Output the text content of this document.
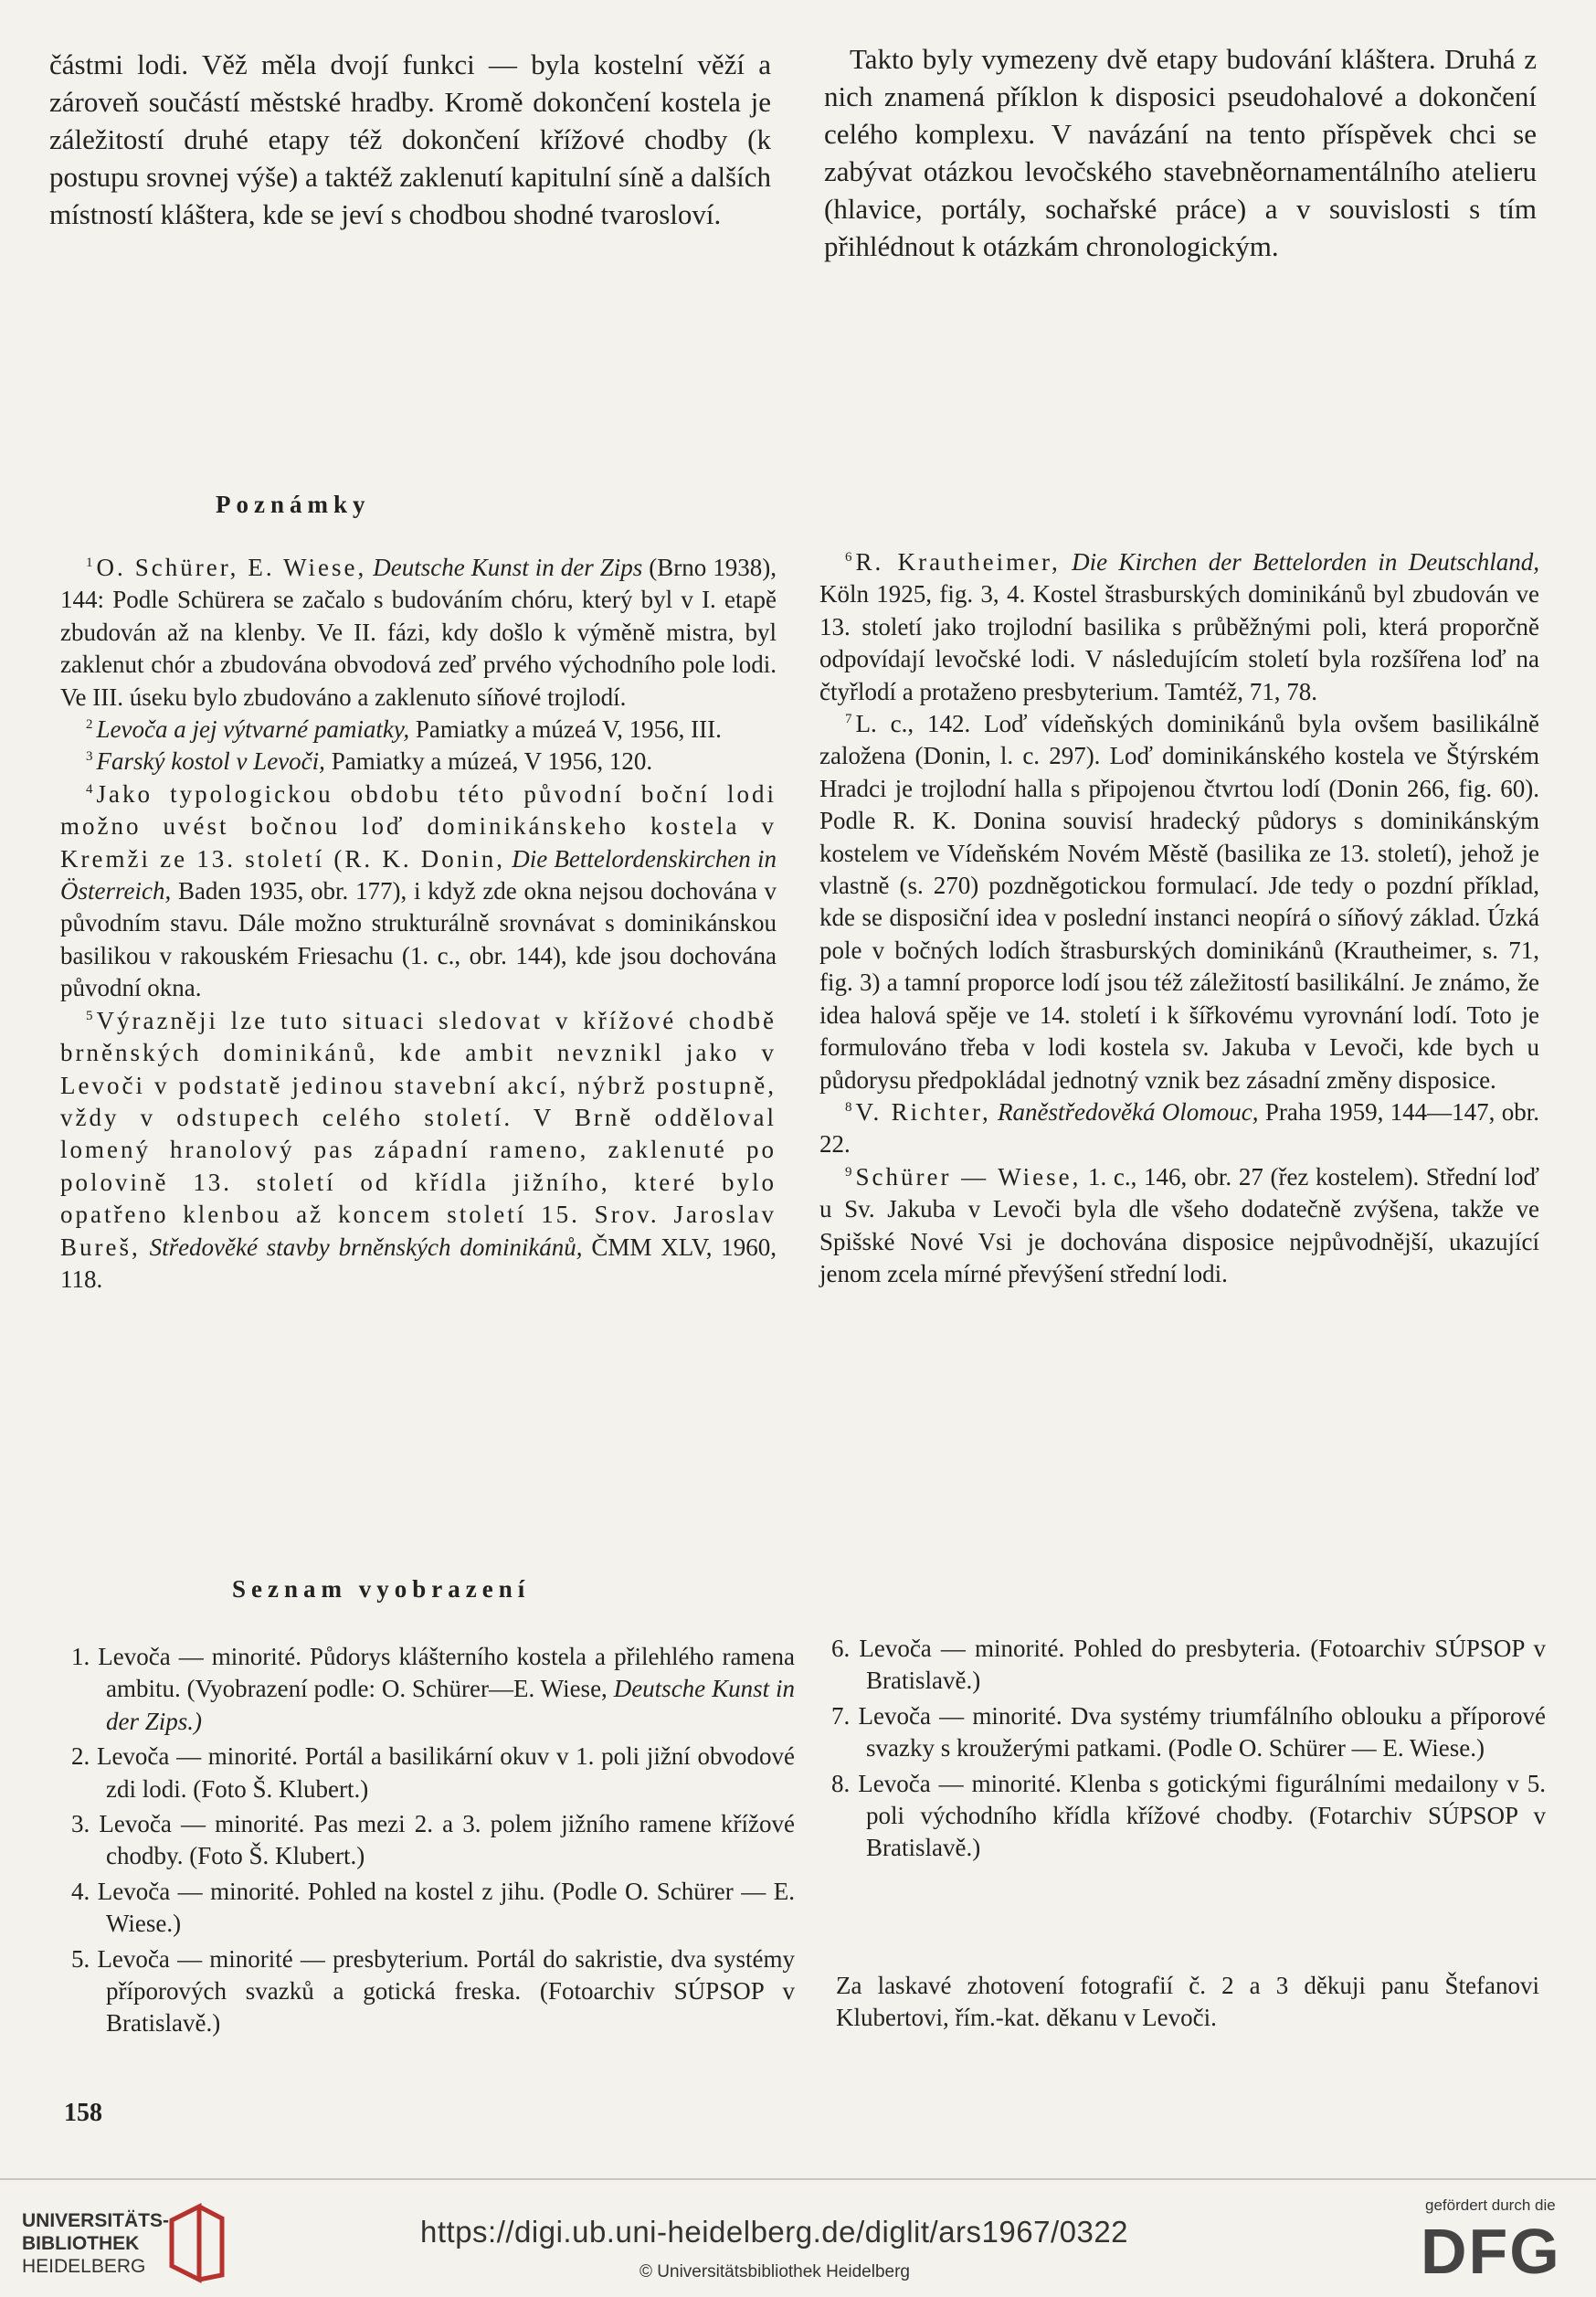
částmi lodi. Věž měla dvojí funkci — byla kostelní věží a zároveň součástí městské hradby. Kromě dokončení kostela je záležitostí druhé etapy též dokončení křížové chodby (k postupu srovnej výše) a taktéž zaklenutí kapitulní síně a dalších místností kláštera, kde se jeví s chodbou shodné tvarosloví.

Takto byly vymezeny dvě etapy budování kláštera. Druhá z nich znamená příklon k disposici pseudohalové a dokončení celého komplexu. V navázání na tento příspěvek chci se zabývat otázkou levočského stavebněornamentálního atelieru (hlavice, portály, sochařské práce) a v souvislosti s tím přihlédnout k otázkám chronologickým.

Poznámky

$^1$ O. Schürer, E. Wiese, Deutsche Kunst in der Zips (Brno 1938), 144: Podle Schürera se začalo s budováním chóru, který byl v I. etapě zbudován až na klenby. Ve II. fázi, kdy došlo k výměně mistra, byl zaklenut chór a zbudována obvodová zeď prvého východního pole lodi. Ve III. úseku bylo zbudováno a zaklenuto síňové trojlodí.

$^2$ Levoča a jej výtvarné pamiatky, Pamiatky a múzeá V, 1956, III.

$^3$ Farský kostol v Levoči, Pamiatky a múzeá, V 1956, 120.

$^4$ Jako typologickou obdobu této původní boční lodi možno uvést bočnou loď dominikánskeho kostela v Kremži ze 13. století (R. K. Donin, Die Bettelordenskirchen in Österreich, Baden 1935, obr. 177), i když zde okna nejsou dochována v původním stavu. Dále možno strukturálně srovnávat s dominikánskou basilikou v rakouském Friesachu (1. c., obr. 144), kde jsou dochována původní okna.

$^5$ Výrazněji lze tuto situaci sledovat v křížové chodbě brněnských dominikánů, kde ambit nevznikl jako v Levoči v podstatě jedinou stavební akcí, nýbrž postupně, vždy v odstupech celého století. V Brně odděloval lomený hranolový pas západní rameno, zaklenuté po polovině 13. století od křídla jižního, které bylo opatřeno klenbou až koncem století 15. Srov. Jaroslav Bureš, Středověké stavby brněnských dominikánů, ČMM XLV, 1960, 118.

$^6$ R. Krautheimer, Die Kirchen der Bettelorden in Deutschland, Köln 1925, fig. 3, 4. Kostel štrasburských dominikánů byl zbudován ve 13. století jako trojlodní basilika s průběžnými poli, která proporčně odpovídají levočské lodi. V následujícím století byla rozšířena loď na čtyřlodí a protaženo presbyterium. Tamtéž, 71, 78.

$^7$ L. c., 142. Loď vídeňských dominikánů byla ovšem basilikálně založena (Donin, l. c. 297). Loď dominikánského kostela ve Štýrském Hradci je trojlodní halla s připojenou čtvrtou lodí (Donin 266, fig. 60). Podle R. K. Donina souvisí hradecký půdorys s dominikánským kostelem ve Vídeňském Novém Městě (basilika ze 13. století), jehož je vlastně (s. 270) pozdněgotickou formulací. Jde tedy o pozdní příklad, kde se disposiční idea v poslední instanci neopírá o síňový základ. Úzká pole v bočných lodích štrasburských dominikánů (Krautheimer, s. 71, fig. 3) a tamní proporce lodí jsou též záležitostí basilikální. Je známo, že idea halová spěje ve 14. století i k šířkovému vyrovnání lodí. Toto je formulováno třeba v lodi kostela sv. Jakuba v Levoči, kde bych u půdorysu předpokládal jednotný vznik bez zásadní změny disposice.

$^8$ V. Richter, Raněstředověká Olomouc, Praha 1959, 144—147, obr. 22.

$^9$ Schürer — Wiese, 1. c., 146, obr. 27 (řez kostelem). Střední loď u Sv. Jakuba v Levoči byla dle všeho dodatečně zvýšena, takže ve Spišské Nové Vsi je dochována disposice nejpůvodnější, ukazující jenom zcela mírné převýšení střední lodi.

Seznam vyobrazení

1. Levoča — minorité. Půdorys klášterního kostela a přilehlého ramena ambitu. (Vyobrazení podle: O. Schürer—E. Wiese, Deutsche Kunst in der Zips.)

2. Levoča — minorité. Portál a basilikární okuv v 1. poli jižní obvodové zdi lodi. (Foto Š. Klubert.)

3. Levoča — minorité. Pas mezi 2. a 3. polem jižního ramene křížové chodby. (Foto Š. Klubert.)

4. Levoča — minorité. Pohled na kostel z jihu. (Podle O. Schürer — E. Wiese.)

5. Levoča — minorité — presbyterium. Portál do sakristie, dva systémy příporových svazků a gotická freska. (Fotoarchiv SÚPSOP v Bratislavě.)

6. Levoča — minorité. Pohled do presbyteria. (Fotoarchiv SÚPSOP v Bratislavě.)

7. Levoča — minorité. Dva systémy triumfálního oblouku a příporové svazky s kroužerými patkami. (Podle O. Schürer — E. Wiese.)

8. Levoča — minorité. Klenba s gotickými figurálními medailony v 5. poli východního křídla křížové chodby. (Fotarchiv SÚPSOP v Bratislavě.)

Za laskavé zhotovení fotografií č. 2 a 3 děkuji panu Štefanovi Klubertovi, řím.-kat. děkanu v Levoči.

158
UNIVERSITÄTS-
BIBLIOTHEK
HEIDELBERG
https://digi.ub.uni-heidelberg.de/diglit/ars1967/0322
© Universitätsbibliothek Heidelberg
gefördert durch die
DFG
